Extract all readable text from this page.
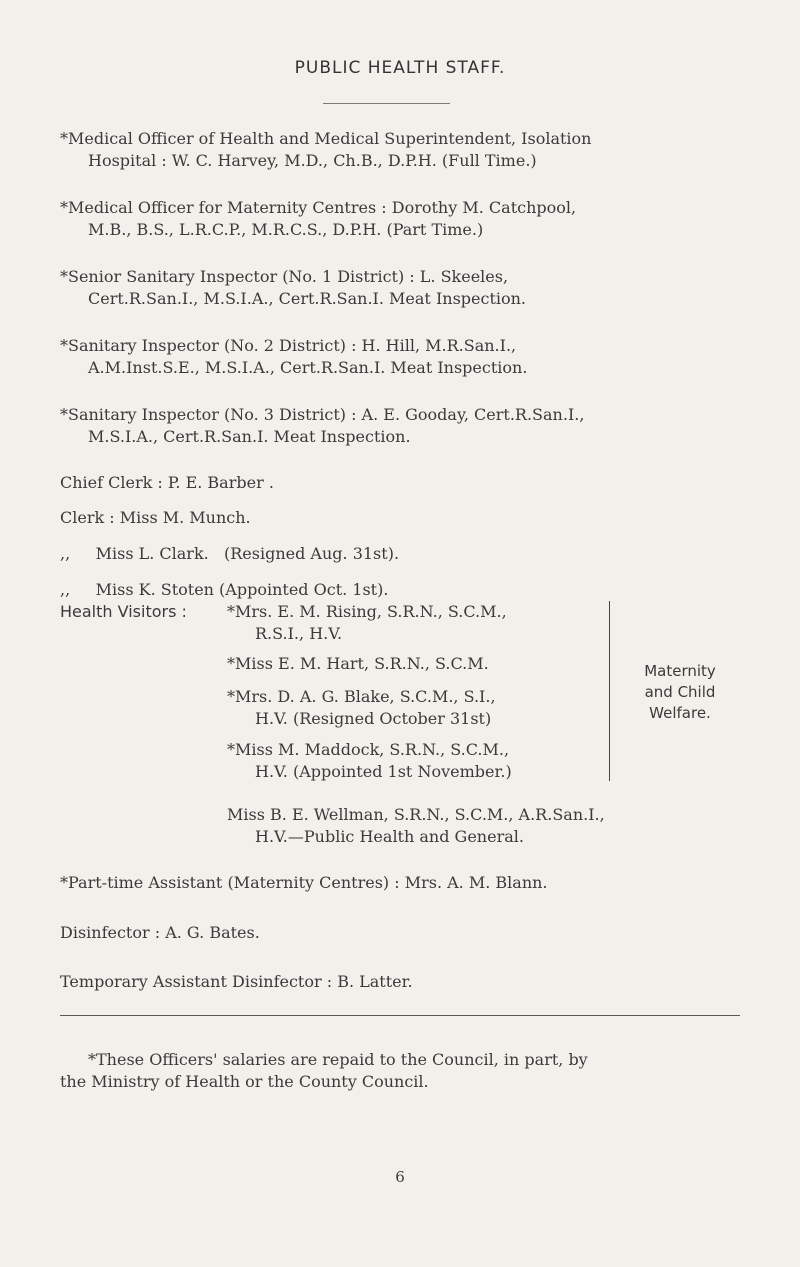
PUBLIC HEALTH STAFF.
*Medical Officer of Health and Medical Superintendent, Isolation
Hospital : W. C. Harvey, M.D., Ch.B., D.P.H. (Full Time.)
*Medical Officer for Maternity Centres : Dorothy M. Catchpool,
M.B., B.S., L.R.C.P., M.R.C.S., D.P.H. (Part Time.)
*Senior Sanitary Inspector (No. 1 District) : L. Skeeles,
Cert.R.San.I., M.S.I.A., Cert.R.San.I. Meat Inspection.
*Sanitary Inspector (No. 2 District) : H. Hill, M.R.San.I.,
A.M.Inst.S.E., M.S.I.A., Cert.R.San.I. Meat Inspection.
*Sanitary Inspector (No. 3 District) : A. E. Gooday, Cert.R.San.I.,
M.S.I.A., Cert.R.San.I. Meat Inspection.
Chief Clerk : P. E. Barber .
Clerk : Miss M. Munch.
,,     Miss L. Clark.   (Resigned Aug. 31st).
,,     Miss K. Stoten (Appointed Oct. 1st).
Health Visitors :	*Mrs. E. M. Rising, S.R.N., S.C.M.,
R.S.I., H.V.
*Miss E. M. Hart, S.R.N., S.C.M.
*Mrs. D. A. G. Blake, S.C.M., S.I.,
H.V. (Resigned October 31st)
*Miss M. Maddock, S.R.N., S.C.M.,
H.V. (Appointed 1st November.)
Maternity
and Child
Welfare.
Miss B. E. Wellman, S.R.N., S.C.M., A.R.San.I.,
H.V.—Public Health and General.
*Part-time Assistant (Maternity Centres) : Mrs. A. M. Blann.
Disinfector : A. G. Bates.
Temporary Assistant Disinfector : B. Latter.
*These Officers' salaries are repaid to the Council, in part, by
the Ministry of Health or the County Council.
6
